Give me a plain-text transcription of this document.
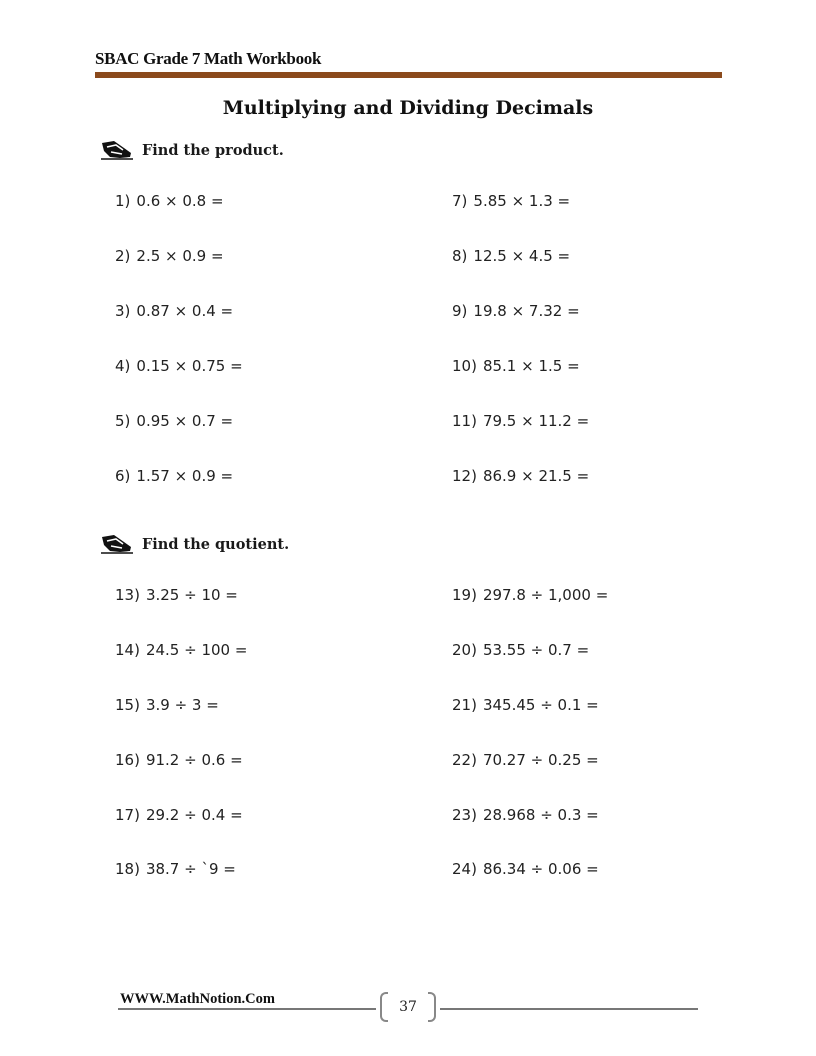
SBAC Grade 7 Math Workbook
Multiplying and Dividing Decimals
Find the product.
1) 0.6 × 0.8 =
2) 2.5 × 0.9 =
3) 0.87 × 0.4 =
4) 0.15 × 0.75 =
5) 0.95 × 0.7 =
6) 1.57 × 0.9 =
7) 5.85 × 1.3 =
8) 12.5 × 4.5 =
9) 19.8 × 7.32 =
10) 85.1 × 1.5 =
11) 79.5 × 11.2 =
12) 86.9 × 21.5 =
Find the quotient.
13) 3.25 ÷ 10 =
14) 24.5 ÷ 100 =
15) 3.9 ÷ 3 =
16) 91.2 ÷ 0.6 =
17) 29.2 ÷ 0.4 =
18) 38.7 ÷ `9 =
19) 297.8 ÷ 1,000 =
20) 53.55 ÷ 0.7 =
21) 345.45 ÷ 0.1 =
22) 70.27 ÷ 0.25 =
23) 28.968 ÷ 0.3 =
24) 86.34 ÷ 0.06 =
WWW.MathNotion.Com	37
